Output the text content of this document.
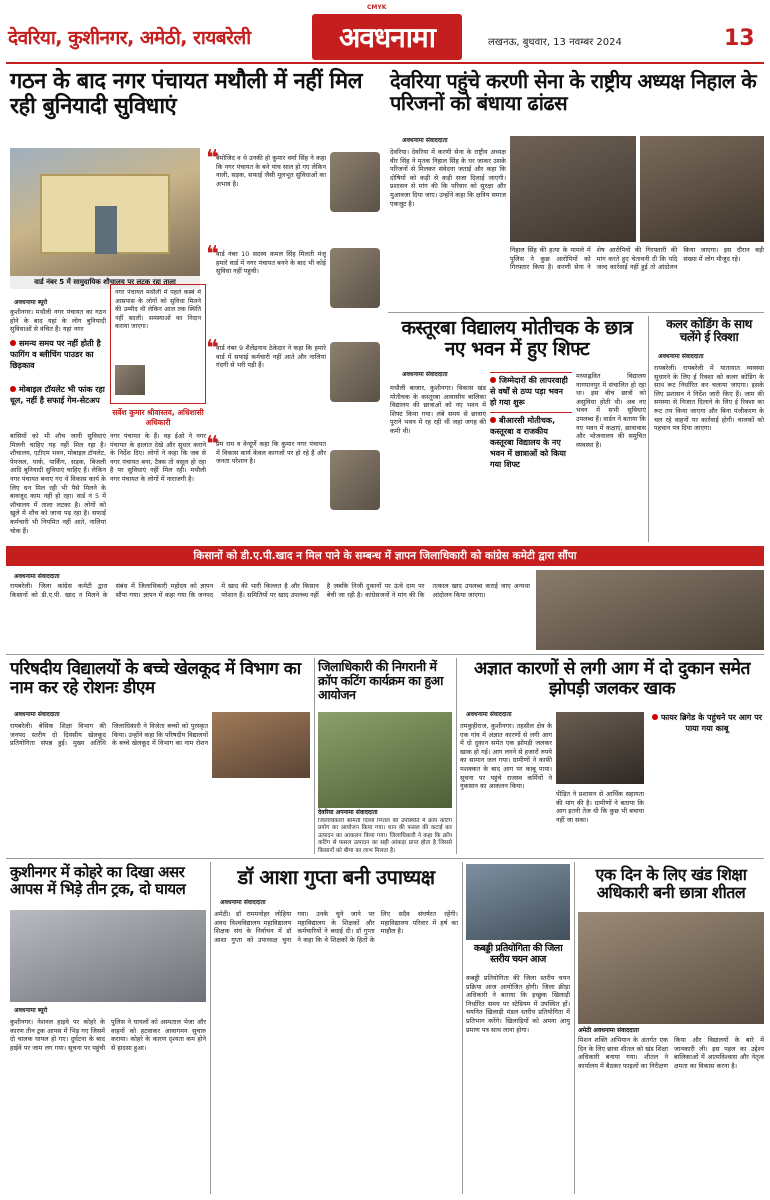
CMYK
देवरिया, कुशीनगर, अमेठी, रायबरेली	अवधनामा	लखनऊ, बुधवार, 13 नवम्बर 2024	13
गठन के बाद नगर पंचायत मथौली में नहीं मिल रही बुनियादी सुविधाएं
वार्ड नंबर 5 में सामुदायिक शौचालय पर लटक रहा ताला
अवधनामा ब्यूरो
कुशीनगर। मथौली नगर पंचायत का गठन होने के बाद यहां के लोग बुनियादी सुविधाओं से वंचित हैं। यहां नगर
समन्य समय पर नहीं होती है फागिंग व ब्लीचिंग पाउडर का छिड़काव
मोबाइल टॉयलेट भी फांक रहा धूल, नहीं है सफाई गेम-सेटअप
बासियों को भी शौच जानी सुविधाएं मिलनी चाहिए यह नहीं मिल रहा है। शौचालय, एटीएम भवन, मोबाइल टॉयलेट, पेयजल, पार्क, पार्किंग, सड़क, बिजली आदि बुनियादी सुविधाएं चाहिए हैं। लेकिन नगर पंचायत बनाए गए थे विकास कार्य के लिए धन मिल रही भी पैसे मिलने के बावजूद काम नहीं हो रहा। वार्ड नं 5 में शौचालय में ताला लटका है। लोगों को खुले में शौच को जाना पड़ रहा है। सफाई कर्मचारी भी नियमित नहीं आते, नालियां चोक हैं।
नगर पंचायत मथौली में पहले कस्बे में आसपास के लोगों को सुविधा मिलने की उम्मीद थी लेकिन आज तक स्थिति नहीं बदली। समस्याओं का निदान कराया जाएगा।
सर्वेश कुमार श्रीवास्तव, अधिशासी अधिकारी
नगर पंचायत के हैं। वह ईओ ने नगर पंचायत के हालात देखे और सुधार कराने के निर्देश दिए। लोगों ने कहा कि जब से नगर पंचायत बना, टैक्स तो वसूल हो रहा है पर सुविधाएं नहीं मिल रही। मथौली नगर पंचायत के लोगों में नाराजगी है।
❝
बेमोजिद व थे उनकी हो कुमार वर्मा सिंह ने कहा कि नगर पंचायत के बने पांच साल हो गए लेकिन नाली, सड़क, सफाई जैसी मूलभूत सुविधाओं का अभाव है।
❝
वार्ड नंबर 10 सदस्य कमल सिंह मिलती मंजू हमारे वार्ड में नगर पंचायत बनने के बाद भी कोई सुविधा नहीं पहुंची।
❝
वार्ड नंबर 9 शैलेंद्रनाथ ठेकेदार ने कहा कि हमारे वार्ड में सफाई कर्मचारी नहीं आते और नालियां गंदगी से भरी पड़ी हैं।
❝
प्रेम राम व वेन्दूर्णे कहा कि कुमार नगर पंचायत में विकास कार्य केवल कागजों पर हो रहे हैं और जनता परेशान है।
देवरिया पहुंचे करणी सेना के राष्ट्रीय अध्यक्ष निहाल के परिजनों को बंधाया ढांढस
अवधनामा संवाददाता
देवरिया। देवरिया में करणी सेना के राष्ट्रीय अध्यक्ष वीर सिंह ने मृतक निहाल सिंह के घर जाकर उसके परिजनों से मिलकर संवेदना जताई और कहा कि दोषियों को कड़ी से कड़ी सजा दिलाई जाएगी। प्रशासन से मांग की कि परिवार को सुरक्षा और मुआवजा दिया जाए। उन्होंने कहा कि क्षत्रिय समाज एकजुट है।
निहाल सिंह की हत्या के मामले में पुलिस ने कुछ आरोपियों को गिरफ्तार किया है। करणी सेना ने शेष आरोपियों की गिरफ्तारी की मांग करते हुए चेतावनी दी कि यदि जल्द कार्रवाई नहीं हुई तो आंदोलन किया जाएगा। इस दौरान बड़ी संख्या में लोग मौजूद रहे।
कस्तूरबा विद्यालय मोतीचक के छात्र नए भवन में हुए शिफ्ट
अवधनामा संवाददाता
मथौली बाजार, कुशीनगर। विकास खंड मोतीचक के कस्तूरबा आवासीय बालिका विद्यालय की छात्राओं को नए भवन में शिफ्ट किया गया। लंबे समय से छात्राएं पुराने भवन में रह रही थीं जहां जगह की कमी थी।
जिम्मेदारों की लापरवाही से वर्षों से ठप्प पड़ा भवन हो गया शुरू
बीआरसी मोतीचक, कस्तूरबा व राजकीय कस्तूरबा विद्यालय के नए भवन में छात्राओं को किया गया शिफ्ट
मध्याह्नवित विद्यालय नागपानपुर में संचालित हो रहा था। इस बीच छात्रों को असुविधा होती थी। अब नए भवन में सभी सुविधाएं उपलब्ध हैं। वार्डन ने बताया कि नए भवन में कक्षाएं, छात्रावास और भोजनालय की समुचित व्यवस्था है।
कलर कोडिंग के साथ चलेंगे ई रिक्शा
अवधनामा संवाददाता
रायबरेली। रायबरेली में यातायात व्यवस्था सुधारने के लिए ई रिक्शा को कलर कोडिंग के साथ रूट निर्धारित कर चलाया जाएगा। इसके लिए प्रशासन ने निर्देश जारी किए हैं। जाम की समस्या से निजात दिलाने के लिए ई रिक्शा का रूट तय किया जाएगा और बिना पंजीकरण के चल रहे वाहनों पर कार्रवाई होगी। चालकों को पहचान पत्र दिया जाएगा।
किसानों को डी.ए.पी.खाद न मिल पाने के सम्बन्ध में ज्ञापन जिलाधिकारी को कांग्रेस कमेटी द्वारा सौंपा
अवधनामा संवाददाता
रायबरेली। जिला कांग्रेस कमेटी द्वारा किसानों को डी.ए.पी. खाद न मिलने के संबंध में जिलाधिकारी महोदय को ज्ञापन सौंपा गया। ज्ञापन में कहा गया कि जनपद में खाद की भारी किल्लत है और किसान परेशान हैं। समितियों पर खाद उपलब्ध नहीं है जबकि निजी दुकानों पर ऊंचे दाम पर बेची जा रही है। कांग्रेसजनों ने मांग की कि तत्काल खाद उपलब्ध कराई जाए अन्यथा आंदोलन किया जाएगा।
परिषदीय विद्यालयों के बच्चे खेलकूद में विभाग का नाम कर रहे रोशनः डीएम
अवधनामा संवाददाता
रायबरेली। बेसिक शिक्षा विभाग की जनपद स्तरीय दो दिवसीय खेलकूद प्रतियोगिता संपन्न हुई। मुख्य अतिथि जिलाधिकारी ने विजेता बच्चों को पुरस्कृत किया। उन्होंने कहा कि परिषदीय विद्यालयों के बच्चे खेलकूद में विभाग का नाम रोशन
जिलाधिकारी की निगरानी में क्रॉप कटिंग कार्यक्रम का हुआ आयोजन
देवरिया अपनामा संवाददाता
जिलाधिकारी श्रीमती दिव्या मित्तल की उपस्थिति में क्रॉप कटिंग प्रयोग का आयोजन किया गया। धान की फसल की कटाई कर उत्पादन का आकलन किया गया। जिलाधिकारी ने कहा कि क्रॉप कटिंग से फसल उत्पादन का सही आंकड़ा प्राप्त होता है जिससे किसानों को बीमा का लाभ मिलता है।
अज्ञात कारणों से लगी आग में दो दुकान समेत झोपड़ी जलकर खाक
अवधनामा संवाददाता
तमकुहीराज, कुशीनगर। तहसील क्षेत्र के एक गांव में अज्ञात कारणों से लगी आग में दो दुकान समेत एक झोपड़ी जलकर खाक हो गई। आग लगने से हजारों रुपये का सामान जल गया। ग्रामीणों ने काफी मशक्कत के बाद आग पर काबू पाया। सूचना पर पहुंचे राजस्व कर्मियों ने नुकसान का आकलन किया।
पीड़ित ने प्रशासन से आर्थिक सहायता की मांग की है। ग्रामीणों ने बताया कि आग इतनी तेज थी कि कुछ भी बचाया नहीं जा सका।
फायर ब्रिगेड के पहुंचने पर आग पर पाया गया काबू
कुशीनगर में कोहरे का दिखा असर आपस में भिड़े तीन ट्रक, दो घायल
अवधनामा ब्यूरो
कुशीनगर। नेशनल हाइवे पर कोहरे के कारण तीन ट्रक आपस में भिड़ गए जिसमें दो चालक घायल हो गए। दुर्घटना के बाद हाईवे पर जाम लग गया। सूचना पर पहुंची पुलिस ने घायलों को अस्पताल भेजा और वाहनों को हटवाकर आवागमन सुचारु कराया। कोहरे के कारण दृश्यता कम होने से हादसा हुआ।
डॉ आशा गुप्ता बनी उपाध्यक्ष
अवधनामा संवाददाता
अमेठी। डॉ राममनोहर लोहिया अवध विश्वविद्यालय महाविद्यालय शिक्षक संघ के निर्वाचन में डॉ आशा गुप्ता को उपाध्यक्ष चुना गया। उनके चुने जाने पर महाविद्यालय के शिक्षकों और कर्मचारियों ने बधाई दी। डॉ गुप्ता ने कहा कि वे शिक्षकों के हितों के लिए सदैव संघर्षरत रहेंगी। महाविद्यालय परिवार में हर्ष का माहौल है।
कबड्डी प्रतियोगिता की जिला स्तरीय चयन आज
कबड्डी प्रतियोगिता की जिला स्तरीय चयन प्रक्रिया आज आयोजित होगी। जिला क्रीड़ा अधिकारी ने बताया कि इच्छुक खिलाड़ी निर्धारित समय पर स्टेडियम में उपस्थित हों। चयनित खिलाड़ी मंडल स्तरीय प्रतियोगिता में प्रतिभाग करेंगे। खिलाड़ियों को अपना आयु प्रमाण पत्र साथ लाना होगा।
एक दिन के लिए खंड शिक्षा अधिकारी बनी छात्रा शीतल
अमेठी अवधनामा संवाददाता
मिशन शक्ति अभियान के अंतर्गत एक दिन के लिए छात्रा शीतल को खंड शिक्षा अधिकारी बनाया गया। शीतल ने कार्यालय में बैठकर फाइलों का निरीक्षण किया और विद्यालयों के बारे में जानकारी ली। इस पहल का उद्देश्य बालिकाओं में आत्मविश्वास और नेतृत्व क्षमता का विकास करना है।
